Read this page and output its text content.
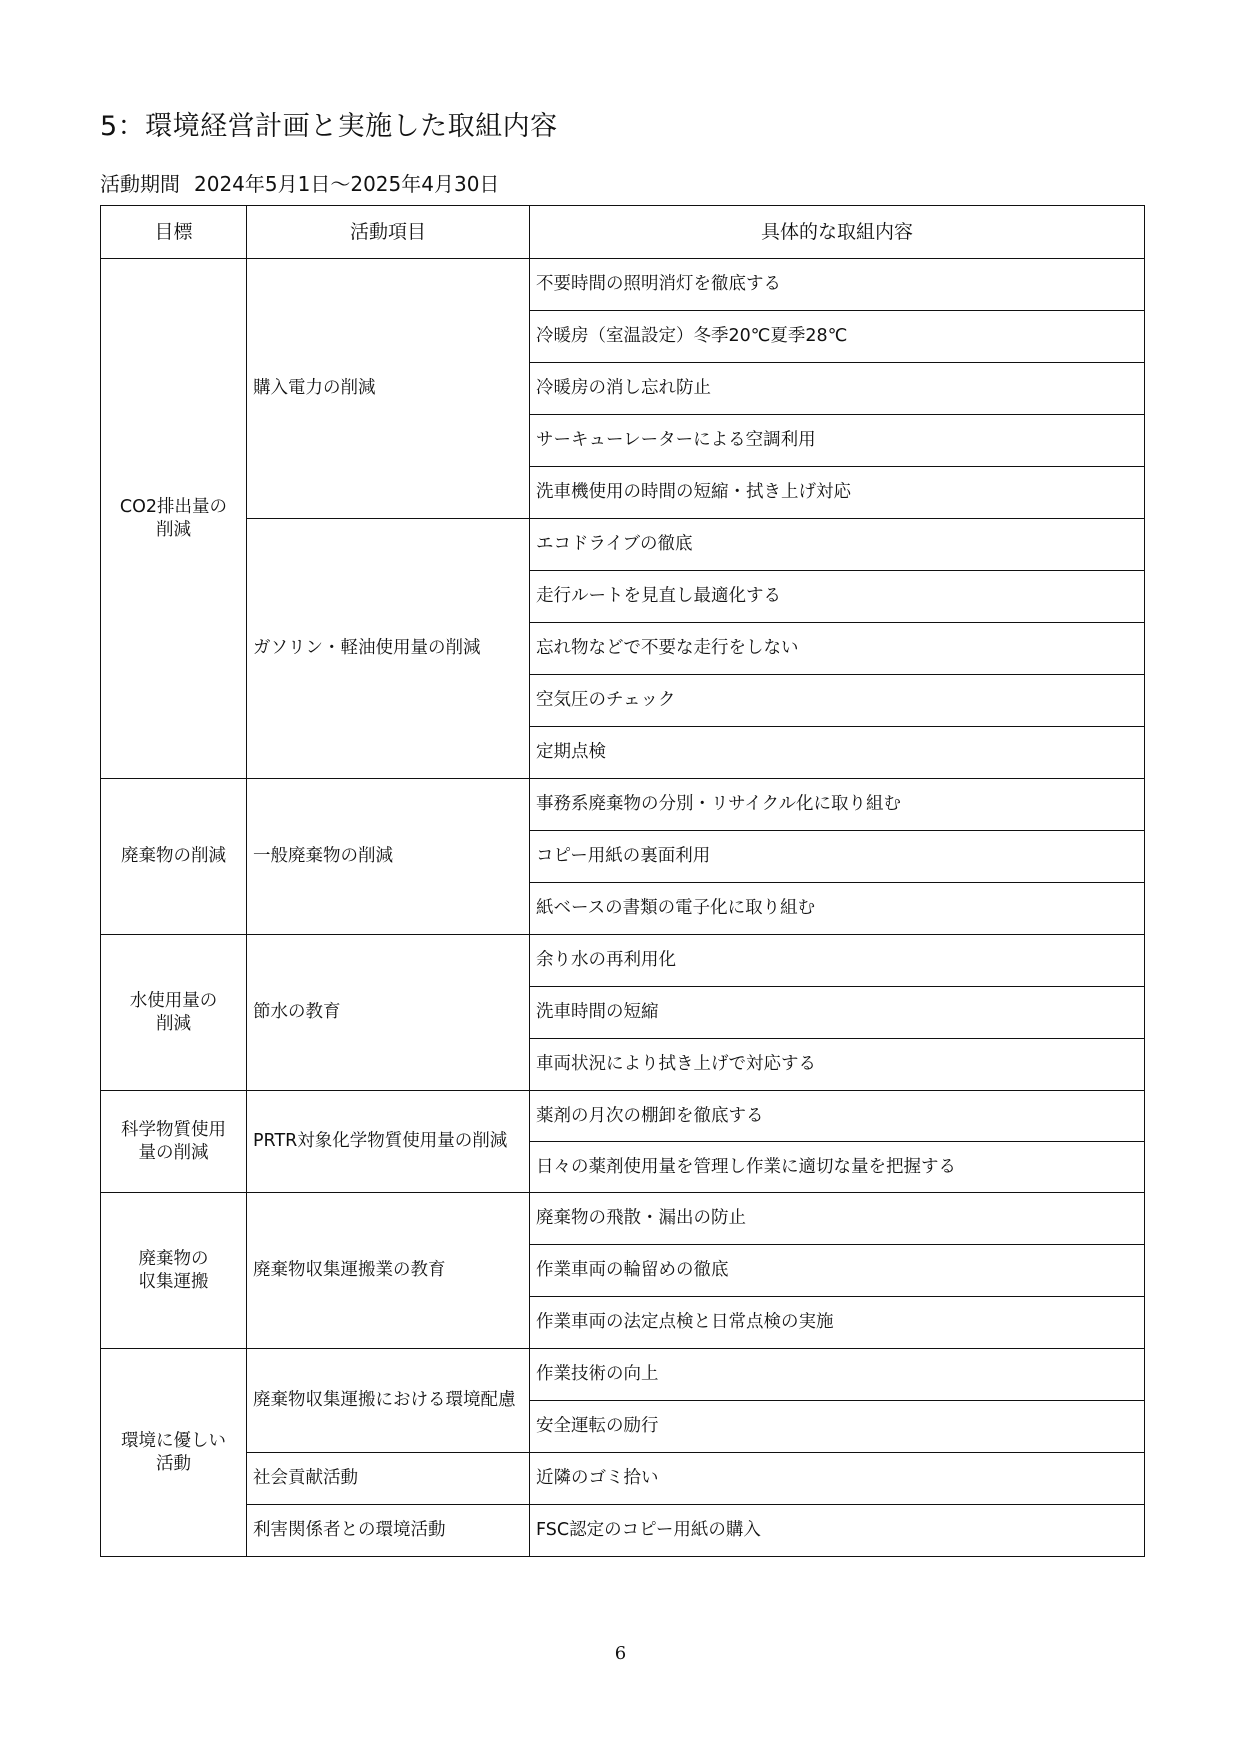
5：環境経営計画と実施した取組内容
活動期間 2024年5月1日～2025年4月30日
目標	活動項目	具体的な取組内容
CO2排出量の
削減	購入電力の削減	不要時間の照明消灯を徹底する
		冷暖房（室温設定）冬季20℃夏季28℃
		冷暖房の消し忘れ防止
		サーキューレーターによる空調利用
		洗車機使用の時間の短縮・拭き上げ対応
	ガソリン・軽油使用量の削減	エコドライブの徹底
		走行ルートを見直し最適化する
		忘れ物などで不要な走行をしない
		空気圧のチェック
		定期点検
廃棄物の削減	一般廃棄物の削減	事務系廃棄物の分別・リサイクル化に取り組む
		コピー用紙の裏面利用
		紙ベースの書類の電子化に取り組む
水使用量の
削減	節水の教育	余り水の再利用化
		洗車時間の短縮
		車両状況により拭き上げで対応する
科学物質使用
量の削減	PRTR対象化学物質使用量の削減	薬剤の月次の棚卸を徹底する
		日々の薬剤使用量を管理し作業に適切な量を把握する
廃棄物の
収集運搬	廃棄物収集運搬業の教育	廃棄物の飛散・漏出の防止
		作業車両の輪留めの徹底
		作業車両の法定点検と日常点検の実施
環境に優しい
活動	廃棄物収集運搬における環境配慮	作業技術の向上
		安全運転の励行
	社会貢献活動	近隣のゴミ拾い
	利害関係者との環境活動	FSC認定のコピー用紙の購入
6
